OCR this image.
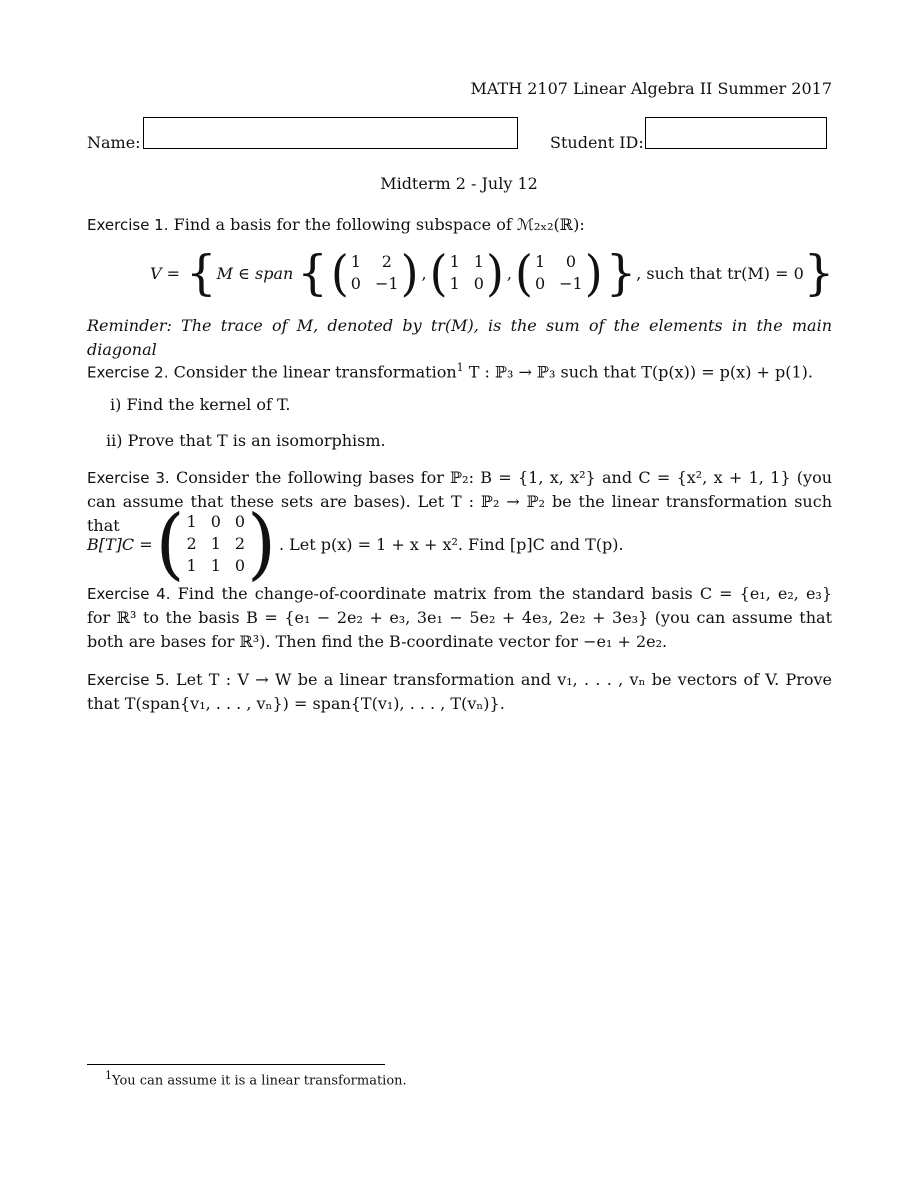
MATH 2107 Linear Algebra II Summer 2017
Name:	Student ID:
Midterm 2 - July 12

Exercise 1. Find a basis for the following subspace of ℳ₂ₓ₂(ℝ):

V = { M ∈ span { ( 1	2
0 −1 ) , ( 1 1
1 0 ) , ( 1	0
0 −1 ) } , such that tr(M) = 0 }
Reminder: The trace of M, denoted by tr(M), is the sum of the elements in the main diagonal

Exercise 2. Consider the linear transformation$^1$ T : ℙ₃ → ℙ₃ such that T(p(x)) = p(x) + p(1).

i) Find the kernel of T.
ii) Prove that T is an isomorphism.

Exercise 3. Consider the following bases for ℙ₂: B = {1, x, x²} and C = {x², x + 1, 1} (you can assume that these sets are bases). Let T : ℙ₂ → ℙ₂ be the linear transformation such that

B[T]C = ( 1 0 0
2 1 2
1 1 0 ) . Let p(x) = 1 + x + x². Find [p]C and T(p).

Exercise 4. Find the change-of-coordinate matrix from the standard basis C = {e₁, e₂, e₃} for ℝ³ to the basis B = {e₁ − 2e₂ + e₃, 3e₁ − 5e₂ + 4e₃, 2e₂ + 3e₃} (you can assume that both are bases for ℝ³). Then find the B-coordinate vector for −e₁ + 2e₂.

Exercise 5. Let T : V → W be a linear transformation and v₁, . . . , vₙ be vectors of V. Prove that T(span{v₁, . . . , vₙ}) = span{T(v₁), . . . , T(vₙ)}.

$^1$You can assume it is a linear transformation.
